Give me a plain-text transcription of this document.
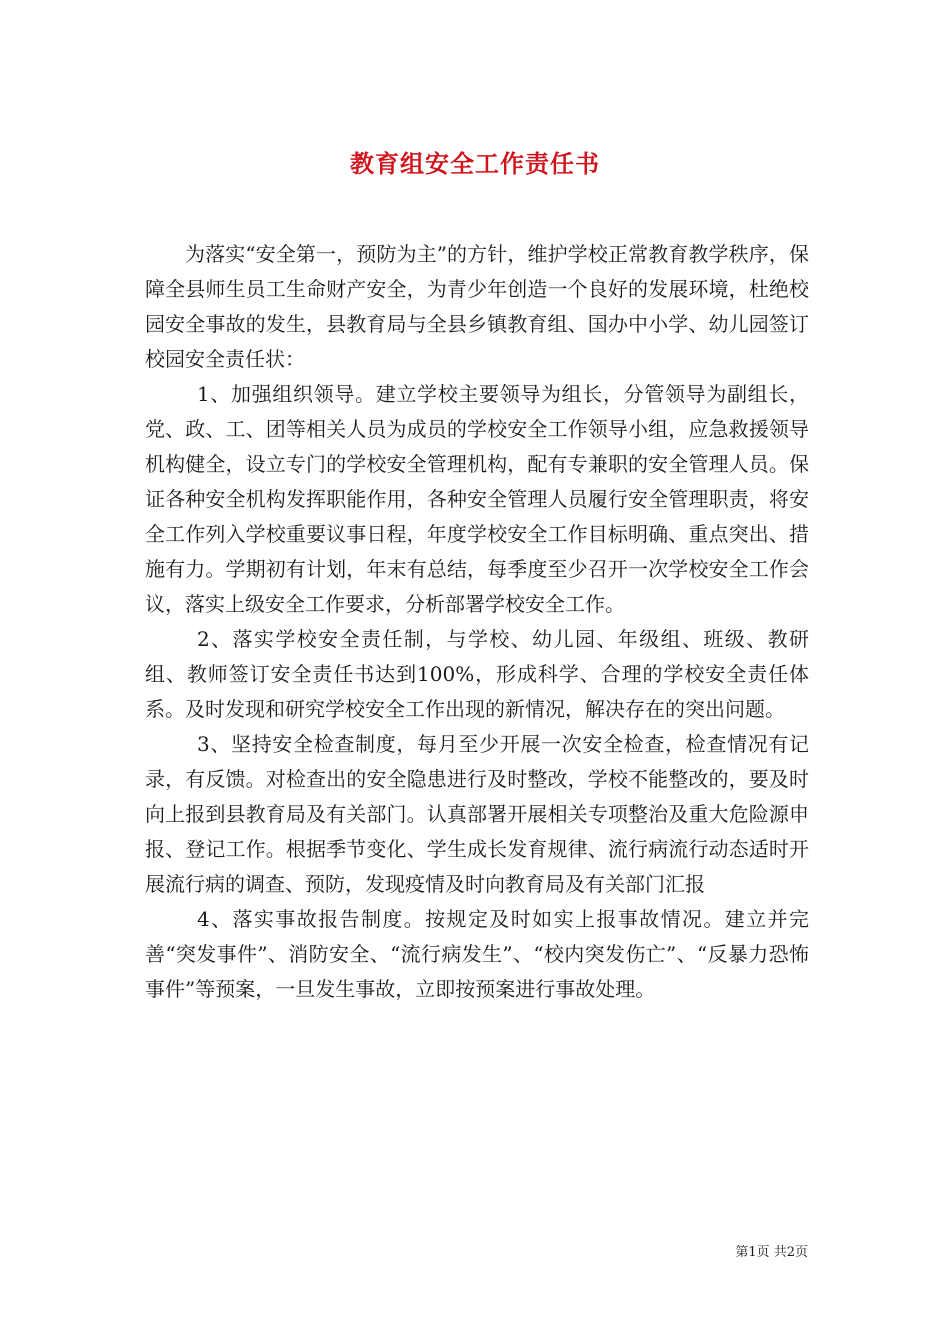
教育组安全工作责任书

为落实“安全第一，预防为主”的方针，维护学校正常教育教学秩序，保障全县师生员工生命财产安全，为青少年创造一个良好的发展环境，杜绝校园安全事故的发生，县教育局与全县乡镇教育组、国办中小学、幼儿园签订校园安全责任状：

1、加强组织领导。建立学校主要领导为组长，分管领导为副组长，党、政、工、团等相关人员为成员的学校安全工作领导小组，应急救援领导机构健全，设立专门的学校安全管理机构，配有专兼职的安全管理人员。保证各种安全机构发挥职能作用，各种安全管理人员履行安全管理职责，将安全工作列入学校重要议事日程，年度学校安全工作目标明确、重点突出、措施有力。学期初有计划，年末有总结，每季度至少召开一次学校安全工作会议，落实上级安全工作要求，分析部署学校安全工作。

2、落实学校安全责任制，与学校、幼儿园、年级组、班级、教研组、教师签订安全责任书达到100%，形成科学、合理的学校安全责任体系。及时发现和研究学校安全工作出现的新情况，解决存在的突出问题。

3、坚持安全检查制度，每月至少开展一次安全检查，检查情况有记录，有反馈。对检查出的安全隐患进行及时整改，学校不能整改的，要及时向上报到县教育局及有关部门。认真部署开展相关专项整治及重大危险源申报、登记工作。根据季节变化、学生成长发育规律、流行病流行动态适时开展流行病的调查、预防，发现疫情及时向教育局及有关部门汇报

4、落实事故报告制度。按规定及时如实上报事故情况。建立并完善“突发事件”、消防安全、“流行病发生”、“校内突发伤亡”、“反暴力恐怖事件”等预案，一旦发生事故，立即按预案进行事故处理。

第1页 共2页
